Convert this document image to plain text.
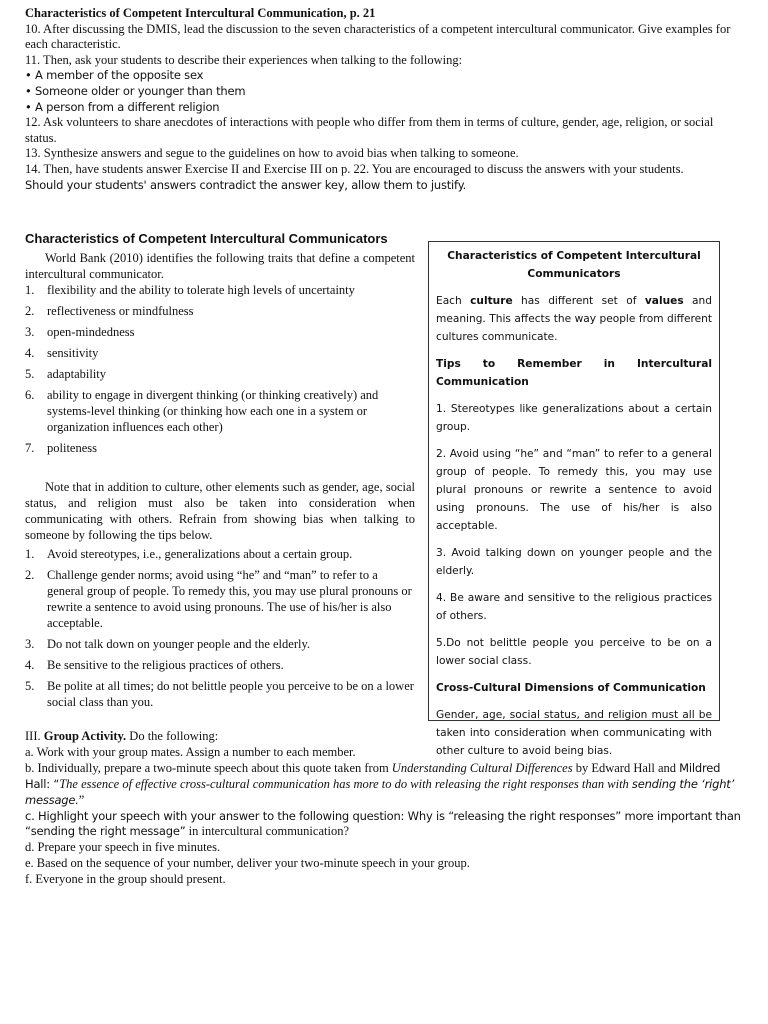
Characteristics of Competent Intercultural Communication, p. 21

10. After discussing the DMIS, lead the discussion to the seven characteristics of a competent intercultural communicator. Give examples for each characteristic.

11. Then, ask your students to describe their experiences when talking to the following:

• A member of the opposite sex

• Someone older or younger than them

• A person from a different religion

12. Ask volunteers to share anecdotes of interactions with people who differ from them in terms of culture, gender, age, religion, or social status.

13. Synthesize answers and segue to the guidelines on how to avoid bias when talking to someone.

14. Then, have students answer Exercise II and Exercise III on p. 22. You are encouraged to discuss the answers with your students.

Should your students' answers contradict the answer key, allow them to justify.

Characteristics of Competent Intercultural Communicators

World Bank (2010) identifies the following traits that define a competent intercultural communicator.

1. flexibility and the ability to tolerate high levels of uncertainty
2. reflectiveness or mindfulness
3. open-mindedness
4. sensitivity
5. adaptability
6. ability to engage in divergent thinking (or thinking creatively) and systems-level thinking (or thinking how each one in a system or organization influences each other)
7. politeness

Note that in addition to culture, other elements such as gender, age, social status, and religion must also be taken into consideration when communicating with others. Refrain from showing bias when talking to someone by following the tips below.

1. Avoid stereotypes, i.e., generalizations about a certain group.
2. Challenge gender norms; avoid using “he” and “man” to refer to a general group of people. To remedy this, you may use plural pronouns or rewrite a sentence to avoid using pronouns. The use of his/her is also acceptable.
3. Do not talk down on younger people and the elderly.
4. Be sensitive to the religious practices of others.
5. Be polite at all times; do not belittle people you perceive to be on a lower social class than you.

Characteristics of Competent Intercultural Communicators

Each culture has different set of values and meaning. This affects the way people from different cultures communicate.

Tips to Remember in Intercultural Communication

1. Stereotypes like generalizations about a certain group.

2. Avoid using “he” and “man” to refer to a general group of people. To remedy this, you may use plural pronouns or rewrite a sentence to avoid using pronouns. The use of his/her is also acceptable.

3. Avoid talking down on younger people and the elderly.

4. Be aware and sensitive to the religious practices of others.

5.Do not belittle people you perceive to be on a lower social class.

Cross-Cultural Dimensions of Communication

Gender, age, social status, and religion must all be taken into consideration when communicating with other culture to avoid being bias.

III. Group Activity. Do the following:

a. Work with your group mates. Assign a number to each member.

b. Individually, prepare a two-minute speech about this quote taken from Understanding Cultural Differences by Edward Hall and Mildred Hall: “The essence of effective cross-cultural communication has more to do with releasing the right responses than with sending the ‘right’ message.”

c. Highlight your speech with your answer to the following question: Why is “releasing the right responses” more important than
“sending the right message” in intercultural communication?

d. Prepare your speech in five minutes.

e. Based on the sequence of your number, deliver your two-minute speech in your group.

f. Everyone in the group should present.
